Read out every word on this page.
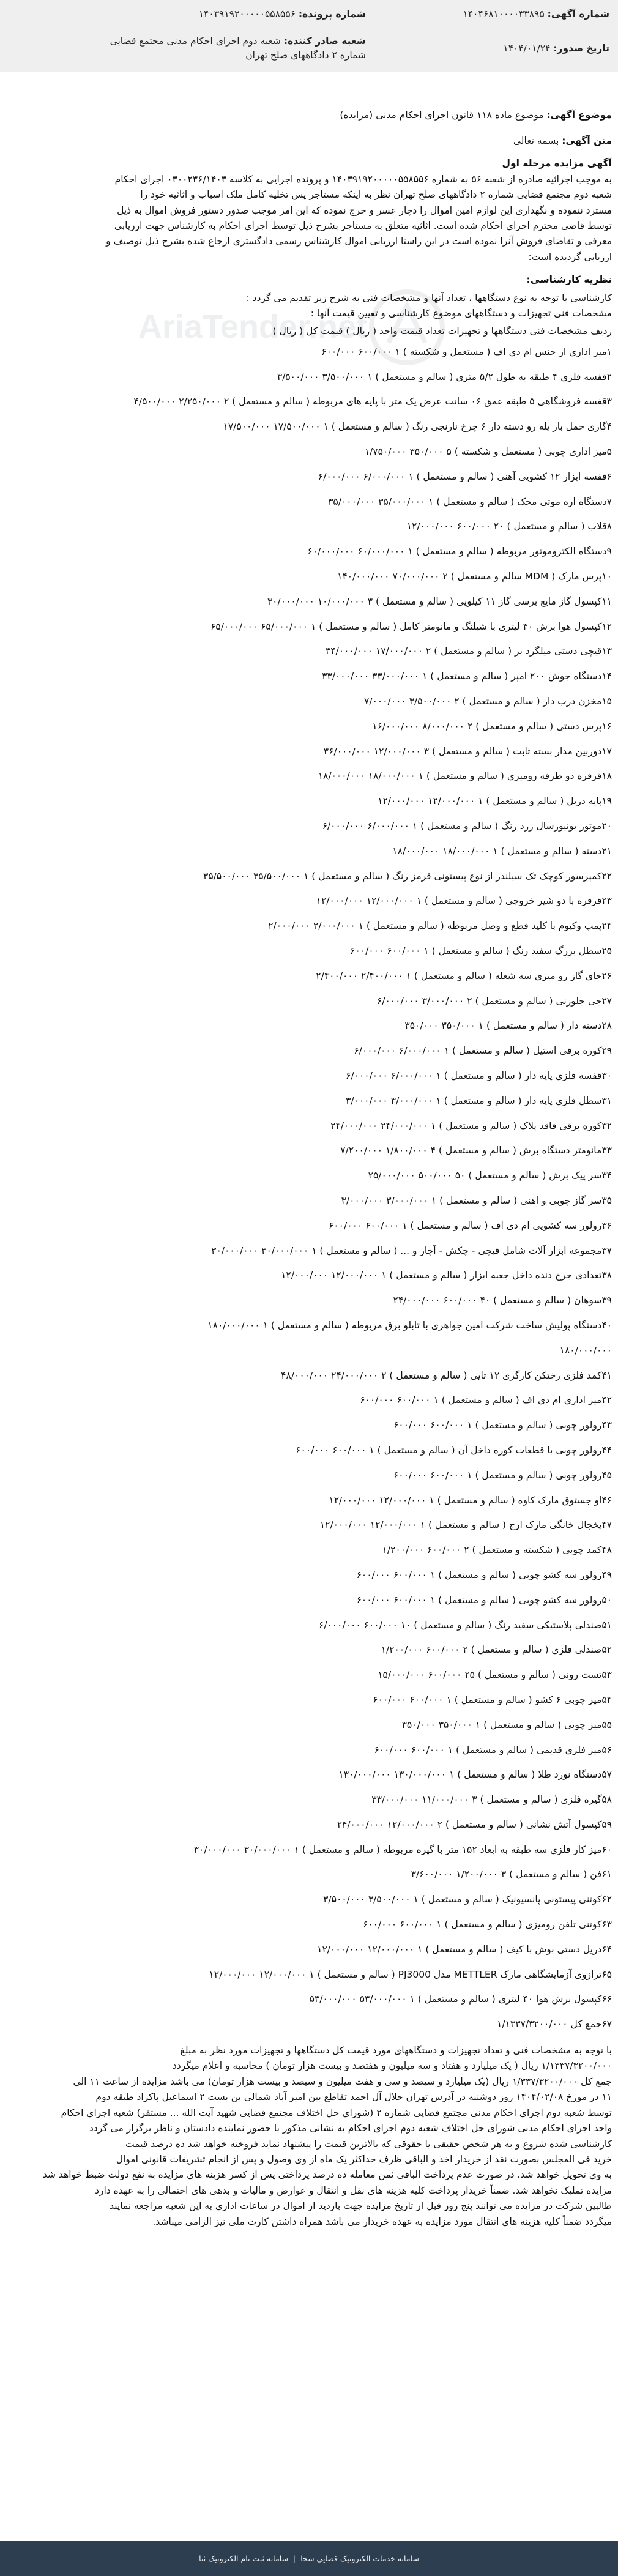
شماره آگهی: ۱۴۰۴۶۸۱۰۰۰۰۳۳۸۹۵
تاریخ صدور: ۱۴۰۴/۰۱/۲۴
شماره پرونده: ۱۴۰۳۹۱۹۲۰۰۰۰۰۵۵۸۵۵۶
شعبه صادر کننده: شعبه دوم اجرای احکام مدنی مجتمع قضایی شماره ۲ دادگاههای صلح تهران
موضوع آگهی: موضوع ماده ۱۱۸ قانون اجرای احکام مدنی (مزایده)
AriaTender.net
متن آگهی: بسمه تعالی
آگهی مزایده مرحله اول
به موجب اجرائیه صادره از شعبه ۵۶ به شماره ۱۴۰۳۹۱۹۲۰۰۰۰۰۵۵۸۵۵۶ و پرونده اجرایی به کلاسه ۰۳۰۰۲۳۶/۱۴۰۳ اجرای احکام
شعبه دوم مجتمع قضایی شماره ۲ دادگاههای صلح تهران نظر به اینکه مستاجر پس تخلیه کامل ملک اسباب و اثاثیه خود را
مسترد ننموده و نگهداری این لوازم امین اموال را دچار عسر و حرج نموده که این امر موجب صدور دستور فروش اموال به ذیل
توسط قاضی محترم اجرای احکام شده است. اثاثیه متعلق به مستاجر بشرح ذیل توسط اجرای احکام به کارشناس جهت ارزیابی
معرفی و تقاضای فروش آنرا نموده است در این راستا ارزیابی اموال کارشناس رسمی دادگستری ارجاع شده بشرح ذیل توصیف و
ارزیابی گردیده است:
نظریه کارشناسی:
کارشناسی با توجه به نوع دستگاهها ، تعداد آنها و مشخصات فنی به شرح زیر تقدیم می گردد :
مشخصات فنی تجهیزات و دستگاههای موضوع کارشناسی و تعیین قیمت آنها :
ردیف مشخصات فنی دستگاهها و تجهیزات تعداد قیمت واحد ( ریال ) قیمت کل ( ریال )
۱میز اداری از جنس ام دی اف ( مستعمل و شکسته ) ۱ ۶۰۰/۰۰۰ ۶۰۰/۰۰۰
۲قفسه فلزی ۴ طبقه به طول ۵/۲ متری ( سالم و مستعمل ) ۱ ۳/۵۰۰/۰۰۰ ۳/۵۰۰/۰۰۰
۳قفسه فروشگاهی ۵ طبقه عمق ۰۶ سانت عرض یک متر با پایه های مربوطه ( سالم و مستعمل ) ۲ ۲/۲۵۰/۰۰۰ ۴/۵۰۰/۰۰۰
۴گاری حمل بار یله رو دسته دار ۶ چرخ نارنجی رنگ ( سالم و مستعمل ) ۱ ۱۷/۵۰۰/۰۰۰ ۱۷/۵۰۰/۰۰۰
۵میز اداری چوبی ( مستعمل و شکسته ) ۵ ۳۵۰/۰۰۰ ۱/۷۵۰/۰۰۰
۶قفسه ابزار ۱۲ کشویی آهنی ( سالم و مستعمل ) ۱ ۶/۰۰۰/۰۰۰ ۶/۰۰۰/۰۰۰
۷دستگاه اره موتی محک ( سالم و مستعمل ) ۱ ۳۵/۰۰۰/۰۰۰ ۳۵/۰۰۰/۰۰۰
۸قلاب ( سالم و مستعمل ) ۲۰ ۶۰۰/۰۰۰ ۱۲/۰۰۰/۰۰۰
۹دستگاه الکتروموتور مربوطه ( سالم و مستعمل ) ۱ ۶۰/۰۰۰/۰۰۰ ۶۰/۰۰۰/۰۰۰
۱۰پرس مارک ( MDM سالم و مستعمل ) ۲ ۷۰/۰۰۰/۰۰۰ ۱۴۰/۰۰۰/۰۰۰
۱۱کپسول گاز مایع برسی گاز ۱۱ کیلویی ( سالم و مستعمل ) ۳ ۱۰/۰۰۰/۰۰۰ ۳۰/۰۰۰/۰۰۰
۱۲کپسول هوا برش ۴۰ لیتری با شیلنگ و مانومتر کامل ( سالم و مستعمل ) ۱ ۶۵/۰۰۰/۰۰۰ ۶۵/۰۰۰/۰۰۰
۱۳قیچی دستی میلگرد بر ( سالم و مستعمل ) ۲ ۱۷/۰۰۰/۰۰۰ ۳۴/۰۰۰/۰۰۰
۱۴دستگاه جوش ۲۰۰ امپر ( سالم و مستعمل ) ۱ ۳۳/۰۰۰/۰۰۰ ۳۳/۰۰۰/۰۰۰
۱۵مخزن درب دار ( سالم و مستعمل ) ۲ ۳/۵۰۰/۰۰۰ ۷/۰۰۰/۰۰۰
۱۶پرس دستی ( سالم و مستعمل ) ۲ ۸/۰۰۰/۰۰۰ ۱۶/۰۰۰/۰۰۰
۱۷دوربین مدار بسته ثابت ( سالم و مستعمل ) ۳ ۱۲/۰۰۰/۰۰۰ ۳۶/۰۰۰/۰۰۰
۱۸قرقره دو طرفه رومیزی ( سالم و مستعمل ) ۱ ۱۸/۰۰۰/۰۰۰ ۱۸/۰۰۰/۰۰۰
۱۹پایه دریل ( سالم و مستعمل ) ۱ ۱۲/۰۰۰/۰۰۰ ۱۲/۰۰۰/۰۰۰
۲۰موتور یونیورسال زرد رنگ ( سالم و مستعمل ) ۱ ۶/۰۰۰/۰۰۰ ۶/۰۰۰/۰۰۰
۲۱دسته ( سالم و مستعمل ) ۱ ۱۸/۰۰۰/۰۰۰ ۱۸/۰۰۰/۰۰۰
۲۲کمپرسور کوچک تک سیلندر از نوع پیستونی قرمز رنگ ( سالم و مستعمل ) ۱ ۳۵/۵۰۰/۰۰۰ ۳۵/۵۰۰/۰۰۰
۲۳قرقره با دو شیر خروجی ( سالم و مستعمل ) ۱ ۱۲/۰۰۰/۰۰۰ ۱۲/۰۰۰/۰۰۰
۲۴پمپ وکیوم با کلید قطع و وصل مربوطه ( سالم و مستعمل ) ۱ ۲/۰۰۰/۰۰۰ ۲/۰۰۰/۰۰۰
۲۵سطل بزرگ سفید رنگ ( سالم و مستعمل ) ۱ ۶۰۰/۰۰۰ ۶۰۰/۰۰۰
۲۶جای گاز رو میزی سه شعله ( سالم و مستعمل ) ۱ ۲/۴۰۰/۰۰۰ ۲/۴۰۰/۰۰۰
۲۷جی جلوزنی ( سالم و مستعمل ) ۲ ۳/۰۰۰/۰۰۰ ۶/۰۰۰/۰۰۰
۲۸دسته دار ( سالم و مستعمل ) ۱ ۳۵۰/۰۰۰ ۳۵۰/۰۰۰
۲۹کوره برقی استیل ( سالم و مستعمل ) ۱ ۶/۰۰۰/۰۰۰ ۶/۰۰۰/۰۰۰
۳۰قفسه فلزی پایه دار ( سالم و مستعمل ) ۱ ۶/۰۰۰/۰۰۰ ۶/۰۰۰/۰۰۰
۳۱سطل فلزی پایه دار ( سالم و مستعمل ) ۱ ۳/۰۰۰/۰۰۰ ۳/۰۰۰/۰۰۰
۳۲کوره برقی فاقد پلاک ( سالم و مستعمل ) ۱ ۲۴/۰۰۰/۰۰۰ ۲۴/۰۰۰/۰۰۰
۳۳مانومتر دستگاه برش ( سالم و مستعمل ) ۴ ۱/۸۰۰/۰۰۰ ۷/۲۰۰/۰۰۰
۳۴سر پیک برش ( سالم و مستعمل ) ۵۰ ۵۰۰/۰۰۰ ۲۵/۰۰۰/۰۰۰
۳۵سر گاز چوبی و اهنی ( سالم و مستعمل ) ۱ ۳/۰۰۰/۰۰۰ ۳/۰۰۰/۰۰۰
۳۶رولور سه کشویی ام دی اف ( سالم و مستعمل ) ۱ ۶۰۰/۰۰۰ ۶۰۰/۰۰۰
۳۷مجموعه ابزار آلات شامل قیچی - چکش - آچار و ... ( سالم و مستعمل ) ۱ ۳۰/۰۰۰/۰۰۰ ۳۰/۰۰۰/۰۰۰
۳۸تعدادی جرخ دنده داخل جعبه ابزار ( سالم و مستعمل ) ۱ ۱۲/۰۰۰/۰۰۰ ۱۲/۰۰۰/۰۰۰
۳۹سوهان ( سالم و مستعمل ) ۴۰ ۶۰۰/۰۰۰ ۲۴/۰۰۰/۰۰۰
۴۰دستگاه پولیش ساخت شرکت امین جواهری با تابلو برق مربوطه ( سالم و مستعمل ) ۱ ۱۸۰/۰۰۰/۰۰۰
۱۸۰/۰۰۰/۰۰۰
۴۱کمد فلزی رختکن کارگری ۱۲ تایی ( سالم و مستعمل ) ۲ ۲۴/۰۰۰/۰۰۰ ۴۸/۰۰۰/۰۰۰
۴۲میز اداری ام دی اف ( سالم و مستعمل ) ۱ ۶۰۰/۰۰۰ ۶۰۰/۰۰۰
۴۳رولور چوبی ( سالم و مستعمل ) ۱ ۶۰۰/۰۰۰ ۶۰۰/۰۰۰
۴۴رولور چوبی با قطعات کوره داخل آن ( سالم و مستعمل ) ۱ ۶۰۰/۰۰۰ ۶۰۰/۰۰۰
۴۵رولور چوبی ( سالم و مستعمل ) ۱ ۶۰۰/۰۰۰ ۶۰۰/۰۰۰
۴۶او جستوق مارک کاوه ( سالم و مستعمل ) ۱ ۱۲/۰۰۰/۰۰۰ ۱۲/۰۰۰/۰۰۰
۴۷یخچال خانگی مارک ارج ( سالم و مستعمل ) ۱ ۱۲/۰۰۰/۰۰۰ ۱۲/۰۰۰/۰۰۰
۴۸کمد چوبی ( شکسته و مستعمل ) ۲ ۶۰۰/۰۰۰ ۱/۲۰۰/۰۰۰
۴۹رولور سه کشو چوبی ( سالم و مستعمل ) ۱ ۶۰۰/۰۰۰ ۶۰۰/۰۰۰
۵۰رولور سه کشو چوبی ( سالم و مستعمل ) ۱ ۶۰۰/۰۰۰ ۶۰۰/۰۰۰
۵۱صندلی پلاستیکی سفید رنگ ( سالم و مستعمل ) ۱۰ ۶۰۰/۰۰۰ ۶/۰۰۰/۰۰۰
۵۲صندلی فلزی ( سالم و مستعمل ) ۲ ۶۰۰/۰۰۰ ۱/۲۰۰/۰۰۰
۵۳تست رونی ( سالم و مستعمل ) ۲۵ ۶۰۰/۰۰۰ ۱۵/۰۰۰/۰۰۰
۵۴میز چوبی ۶ کشو ( سالم و مستعمل ) ۱ ۶۰۰/۰۰۰ ۶۰۰/۰۰۰
۵۵میز چوبی ( سالم و مستعمل ) ۱ ۳۵۰/۰۰۰ ۳۵۰/۰۰۰
۵۶میز فلزی قدیمی ( سالم و مستعمل ) ۱ ۶۰۰/۰۰۰ ۶۰۰/۰۰۰
۵۷دستگاه نورد طلا ( سالم و مستعمل ) ۱ ۱۳۰/۰۰۰/۰۰۰ ۱۳۰/۰۰۰/۰۰۰
۵۸گیره فلزی ( سالم و مستعمل ) ۳ ۱۱/۰۰۰/۰۰۰ ۳۳/۰۰۰/۰۰۰
۵۹کپسول آتش نشانی ( سالم و مستعمل ) ۲ ۱۲/۰۰۰/۰۰۰ ۲۴/۰۰۰/۰۰۰
۶۰میز کار فلزی سه طبقه به ابعاد ۱۵۲ متر با گیره مربوطه ( سالم و مستعمل ) ۱ ۳۰/۰۰۰/۰۰۰ ۳۰/۰۰۰/۰۰۰
۶۱فن ( سالم و مستعمل ) ۳ ۱/۲۰۰/۰۰۰ ۳/۶۰۰/۰۰۰
۶۲کوتنی پیستونی پانسیونیک ( سالم و مستعمل ) ۱ ۳/۵۰۰/۰۰۰ ۳/۵۰۰/۰۰۰
۶۳کوتنی تلفن رومیزی ( سالم و مستعمل ) ۱ ۶۰۰/۰۰۰ ۶۰۰/۰۰۰
۶۴دریل دستی بوش با کیف ( سالم و مستعمل ) ۱ ۱۲/۰۰۰/۰۰۰ ۱۲/۰۰۰/۰۰۰
۶۵ترازوی آزمایشگاهی مارک METTLER مدل PJ3000 ( سالم و مستعمل ) ۱ ۱۲/۰۰۰/۰۰۰ ۱۲/۰۰۰/۰۰۰
۶۶کپسول برش هوا ۴۰ لیتری ( سالم و مستعمل ) ۱ ۵۳/۰۰۰/۰۰۰ ۵۳/۰۰۰/۰۰۰
۶۷جمع کل ۱/۱۳۳۷/۳۲۰۰/۰۰۰
با توجه به مشخصات فنی و تعداد تجهیزات و دستگاههای مورد قیمت کل دستگاهها و تجهیزات مورد نظر به مبلغ
۱/۱۳۳۷/۳۲۰۰/۰۰۰ ریال ( یک میلیارد و هفتاد و سه میلیون و هفتصد و بیست هزار تومان ) محاسبه و اعلام میگردد
جمع کل ۱/۳۳۷/۳۲۰۰/۰۰۰ ریال (یک میلیارد و سیصد و سی و هفت میلیون و سیصد و بیست هزار تومان) می باشد مزایده از ساعت ۱۱ الی
۱۱ در مورخ ۱۴۰۴/۰۲/۰۸ روز دوشنبه در آدرس تهران جلال آل احمد تقاطع بین امیر آباد شمالی بن بست ۲ اسماعیل پاکزاد طبقه دوم
توسط شعبه دوم اجرای احکام مدنی مجتمع قضایی شماره ۲ (شورای حل اختلاف مجتمع قضایی شهید آیت الله ... مستقر) شعبه اجرای احکام
واحد اجرای احکام مدنی شورای حل اختلاف شعبه دوم اجرای احکام به نشانی مذکور با حضور نماینده دادستان و ناظر برگزار می گردد
کارشناسی شده شروع و به هر شخص حقیقی یا حقوقی که بالاترین قیمت را پیشنهاد نماید فروخته خواهد شد ده درصد قیمت
خرید فی المجلس بصورت نقد از خریدار اخذ و الباقی ظرف حداکثر یک ماه از وی وصول و پس از انجام تشریفات قانونی اموال
به وی تحویل خواهد شد. در صورت عدم پرداخت الباقی ثمن معامله ده درصد پرداختی پس از کسر هزینه های مزایده به نفع دولت ضبط خواهد شد
مزایده تملیک نخواهد شد. ضمناً خریدار پرداخت کلیه هزینه های نقل و انتقال و عوارض و مالیات و بدهی های احتمالی را به عهده دارد
طالبین شرکت در مزایده می توانند پنج روز قبل از تاریخ مزایده جهت بازدید از اموال در ساعات اداری به این شعبه مراجعه نمایند
میگردد ضمناً کلیه هزینه های انتقال مورد مزایده به عهده خریدار می باشد همراه داشتن کارت ملی نیز الزامی میباشد.
سامانه خدمات الکترونیک قضایی سخا
|
سامانه ثبت نام الکترونیک ثنا
